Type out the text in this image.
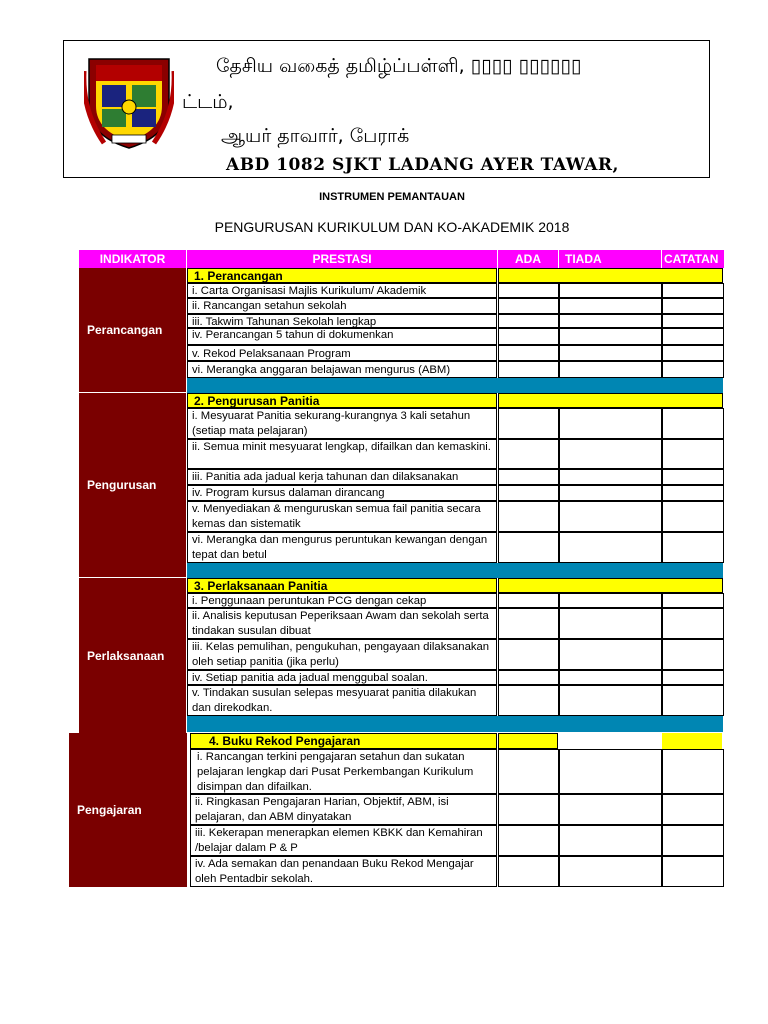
தேசிய வகைத் தமிழ்ப்பள்ளி, ▯▯▯▯ ▯▯▯▯▯▯
ட்டம்,
ஆயர் தாவார், பேராக்
ABD 1082 SJKT LADANG AYER TAWAR,
INSTRUMEN PEMANTAUAN
PENGURUSAN KURIKULUM DAN KO-AKADEMIK 2018
INDIKATOR	PRESTASI	ADA	TIADA	CATATAN
Perancangan
1. Perancangan
i. Carta Organisasi Majlis Kurikulum/ Akademik
ii. Rancangan setahun sekolah
iii. Takwim Tahunan Sekolah lengkap
iv. Perancangan 5 tahun di dokumenkan
v. Rekod Pelaksanaan Program
vi. Merangka anggaran belajawan mengurus (ABM)
Pengurusan
2. Pengurusan Panitia
i. Mesyuarat Panitia sekurang-kurangnya 3 kali setahun (setiap mata pelajaran)
ii. Semua minit mesyuarat lengkap, difailkan dan kemaskini.
iii. Panitia ada jadual kerja tahunan dan dilaksanakan
iv. Program kursus dalaman dirancang
v. Menyediakan & menguruskan semua fail panitia secara kemas dan sistematik
vi. Merangka dan mengurus peruntukan kewangan dengan tepat dan betul
Perlaksanaan
3. Perlaksanaan Panitia
i. Penggunaan peruntukan PCG dengan cekap
ii. Analisis keputusan Peperiksaan Awam dan sekolah serta tindakan susulan dibuat
iii. Kelas pemulihan, pengukuhan, pengayaan dilaksanakan oleh setiap panitia (jika perlu)
iv. Setiap panitia ada jadual menggubal soalan.
v. Tindakan susulan selepas mesyuarat panitia dilakukan dan direkodkan.
Pengajaran
4. Buku Rekod Pengajaran
i. Rancangan terkini pengajaran setahun dan sukatan pelajaran lengkap dari Pusat Perkembangan Kurikulum disimpan dan difailkan.
ii. Ringkasan Pengajaran Harian, Objektif, ABM, isi pelajaran, dan ABM dinyatakan
iii. Kekerapan menerapkan elemen KBKK dan Kemahiran /belajar dalam P & P
iv. Ada semakan dan penandaan Buku Rekod Mengajar oleh Pentadbir sekolah.
